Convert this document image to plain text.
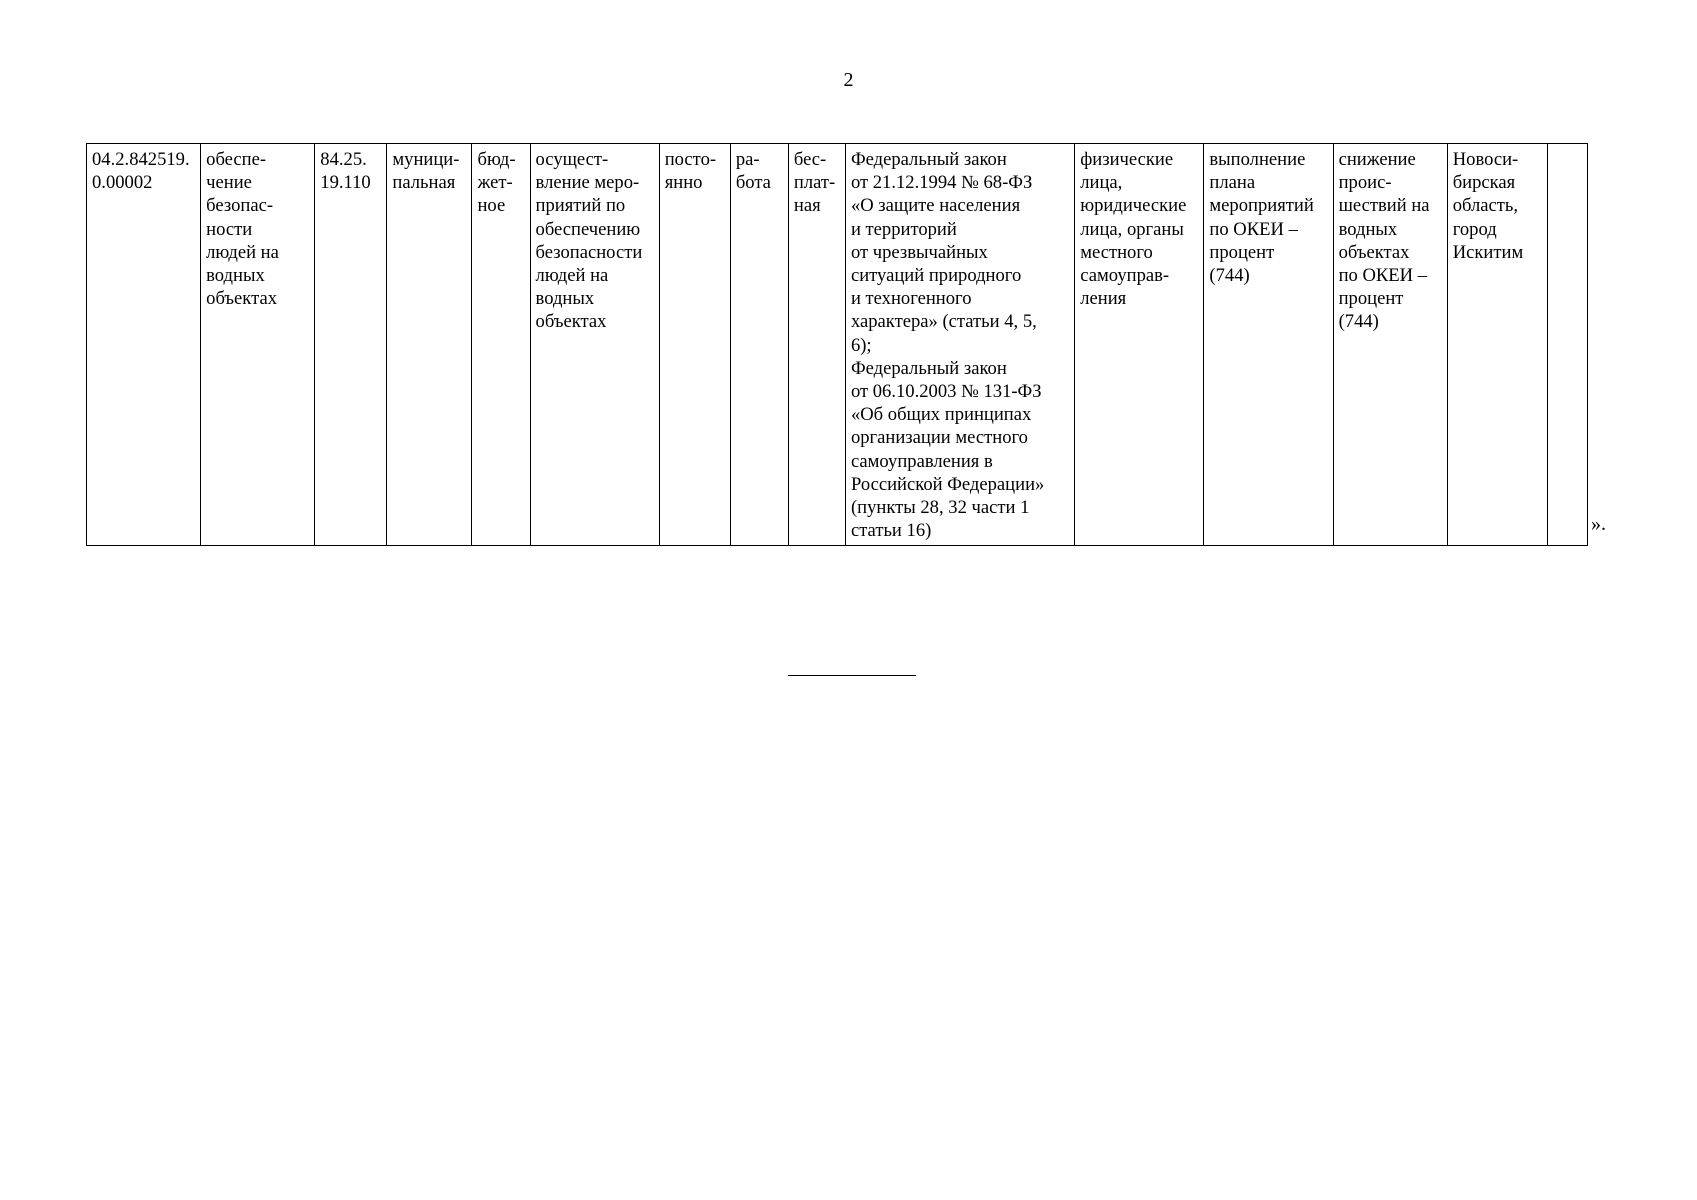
2
04.2.842519.
0.00002	обеспе-
чение
безопас-
ности
людей на
водных
объектах	84.25.
19.110	муници-
пальная	бюд-
жет-
ное	осущест-
вление меро-
приятий по
обеспечению
безопасности
людей на
водных
объектах	посто-
янно	ра-
бота	бес-
плат-
ная	Федеральный закон
от 21.12.1994 № 68-ФЗ
«О защите населения
и территорий
от чрезвычайных
ситуаций природного
и техногенного
характера» (статьи 4, 5,
6);
Федеральный закон
от 06.10.2003 № 131-ФЗ
«Об общих принципах
организации местного
самоуправления в
Российской Федерации»
(пункты 28, 32 части 1
статьи 16)	физические
лица,
юридические
лица, органы
местного
самоуправ-
ления	выполнение
плана
мероприятий
по ОКЕИ –
процент
(744)	снижение
проис-
шествий на
водных
объектах
по ОКЕИ –
процент
(744)	Новоси-
бирская
область,
город
Искитим	
».
